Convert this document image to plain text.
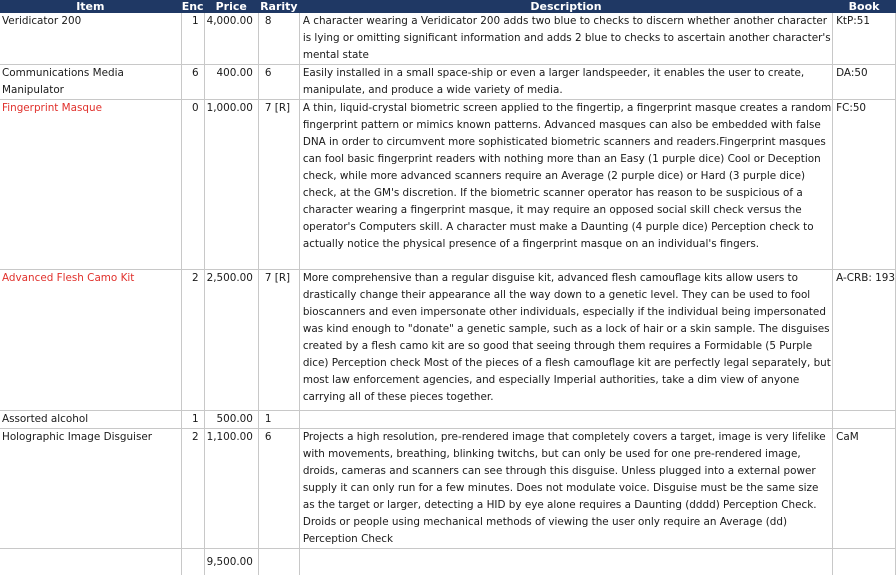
Item	Enc	Price	Rarity	Description	Book
Veridicator 200	1	4,000.00	8	A character wearing a Veridicator 200 adds two blue to checks to discern whether another character is lying or omitting significant information and adds 2 blue to checks to ascertain another character's mental state	KtP:51
Communications Media Manipulator	6	400.00	6	Easily installed in a small space-ship or even a larger landspeeder, it enables the user to create, manipulate, and produce a wide variety of media.	DA:50
Fingerprint Masque	0	1,000.00	7 [R]	A thin, liquid-crystal biometric screen applied to the fingertip, a fingerprint masque creates a random fingerprint pattern or mimics known patterns. Advanced masques can also be embedded with false DNA in order to circumvent more sophisticated biometric scanners and readers.Fingerprint masques can fool basic fingerprint readers with nothing more than an Easy (1 purple dice) Cool or Deception check, while more advanced scanners require an Average (2 purple dice) or Hard (3 purple dice) check, at the GM's discretion. If the biometric scanner operator has reason to be suspicious of a character wearing a fingerprint masque, it may require an opposed social skill check versus the operator's Computers skill. A character must make a Daunting (4 purple dice) Perception check to actually notice the physical presence of a fingerprint masque on an individual's fingers.	FC:50
Advanced Flesh Camo Kit	2	2,500.00	7 [R]	More comprehensive than a regular disguise kit, advanced flesh camouflage kits allow users to drastically change their appearance all the way down to a genetic level. They can be used to fool bioscanners and even impersonate other individuals, especially if the individual being impersonated was kind enough to "donate" a genetic sample, such as a lock of hair or a skin sample. The disguises created by a flesh camo kit are so good that seeing through them requires a Formidable (5 Purple dice) Perception check Most of the pieces of a flesh camouflage kit are perfectly legal separately, but most law enforcement agencies, and especially Imperial authorities, take a dim view of anyone carrying all of these pieces together.	A-CRB: 193
Assorted alcohol	1	500.00	1		
Holographic Image Disguiser	2	1,100.00	6	Projects a high resolution, pre-rendered image that completely covers a target, image is very lifelike with movements, breathing, blinking twitchs, but can only be used for one pre-rendered image, droids, cameras and scanners can see through this disguise. Unless plugged into a external power supply it can only run for a few minutes. Does not modulate voice. Disguise must be the same size as the target or larger, detecting a HID by eye alone requires a Daunting (dddd) Perception Check. Droids or people using mechanical methods of viewing the user only require an Average (dd) Perception Check	CaM
		9,500.00			
